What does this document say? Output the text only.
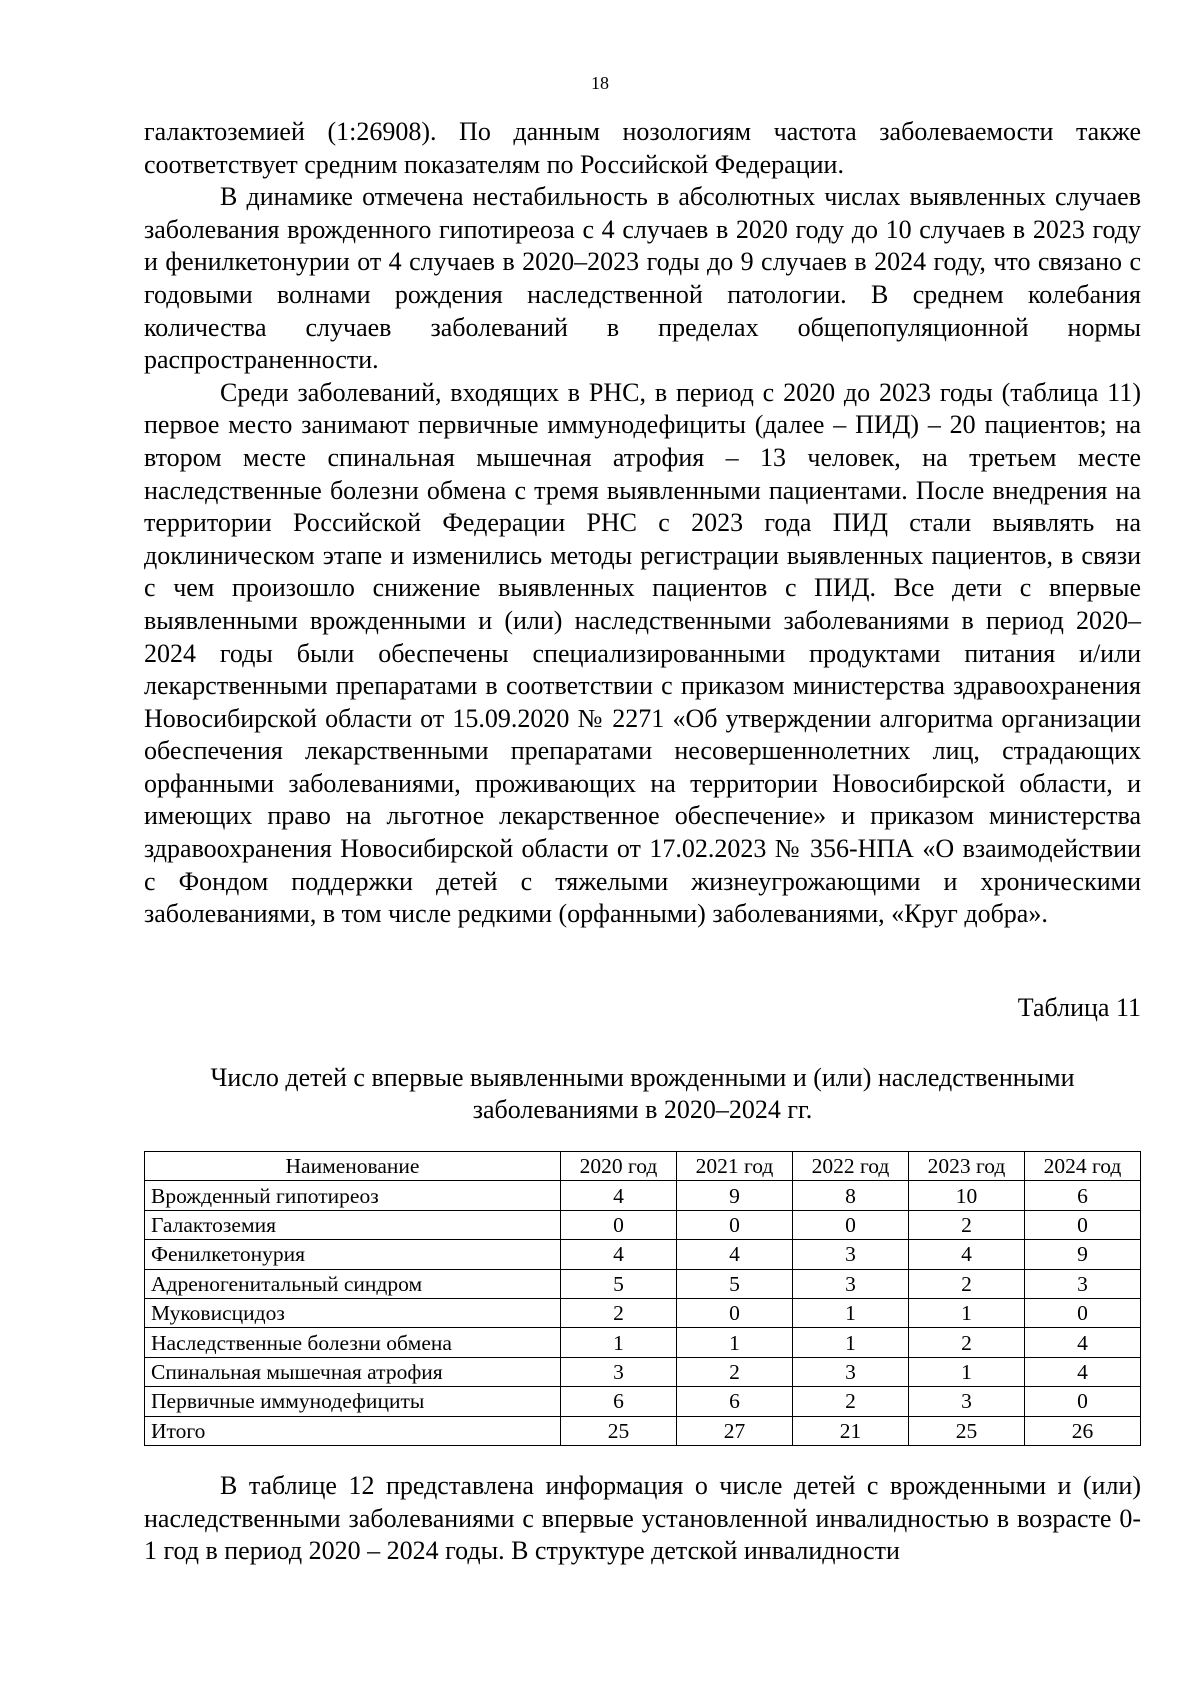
18

галактоземией (1:26908). По данным нозологиям частота заболеваемости также соответствует средним показателям по Российской Федерации.

В динамике отмечена нестабильность в абсолютных числах выявленных случаев заболевания врожденного гипотиреоза с 4 случаев в 2020 году до 10 случаев в 2023 году и фенилкетонурии от 4 случаев в 2020–2023 годы до 9 случаев в 2024 году, что связано с годовыми волнами рождения наследственной патологии. В среднем колебания количества случаев заболеваний в пределах общепопуляционной нормы распространенности.

Среди заболеваний, входящих в РНС, в период с 2020 до 2023 годы (таблица 11) первое место занимают первичные иммунодефициты (далее – ПИД) – 20 пациентов; на втором месте спинальная мышечная атрофия – 13 человек, на третьем месте наследственные болезни обмена с тремя выявленными пациентами. После внедрения на территории Российской Федерации РНС с 2023 года ПИД стали выявлять на доклиническом этапе и изменились методы регистрации выявленных пациентов, в связи с чем произошло снижение выявленных пациентов с ПИД. Все дети с впервые выявленными врожденными и (или) наследственными заболеваниями в период 2020–2024 годы были обеспечены специализированными продуктами питания и/или лекарственными препаратами в соответствии с приказом министерства здравоохранения Новосибирской области от 15.09.2020 № 2271 «Об утверждении алгоритма организации обеспечения лекарственными препаратами несовершеннолетних лиц, страдающих орфанными заболеваниями, проживающих на территории Новосибирской области, и имеющих право на льготное лекарственное обеспечение» и приказом министерства здравоохранения Новосибирской области от 17.02.2023 № 356-НПА «О взаимодействии с Фондом поддержки детей с тяжелыми жизнеугрожающими и хроническими заболеваниями, в том числе редкими (орфанными) заболеваниями, «Круг добра».

Таблица 11
Число детей с впервые выявленными врожденными и (или) наследственными
заболеваниями в 2020–2024 гг.
Наименование	2020 год	2021 год	2022 год	2023 год	2024 год
Врожденный гипотиреоз	4	9	8	10	6
Галактоземия	0	0	0	2	0
Фенилкетонурия	4	4	3	4	9
Адреногенитальный синдром	5	5	3	2	3
Муковисцидоз	2	0	1	1	0
Наследственные болезни обмена	1	1	1	2	4
Спинальная мышечная атрофия	3	2	3	1	4
Первичные иммунодефициты	6	6	2	3	0
Итого	25	27	21	25	26

В таблице 12 представлена информация о числе детей с врожденными и (или) наследственными заболеваниями с впервые установленной инвалидностью в возрасте 0-1 год в период 2020 – 2024 годы. В структуре детской инвалидности
